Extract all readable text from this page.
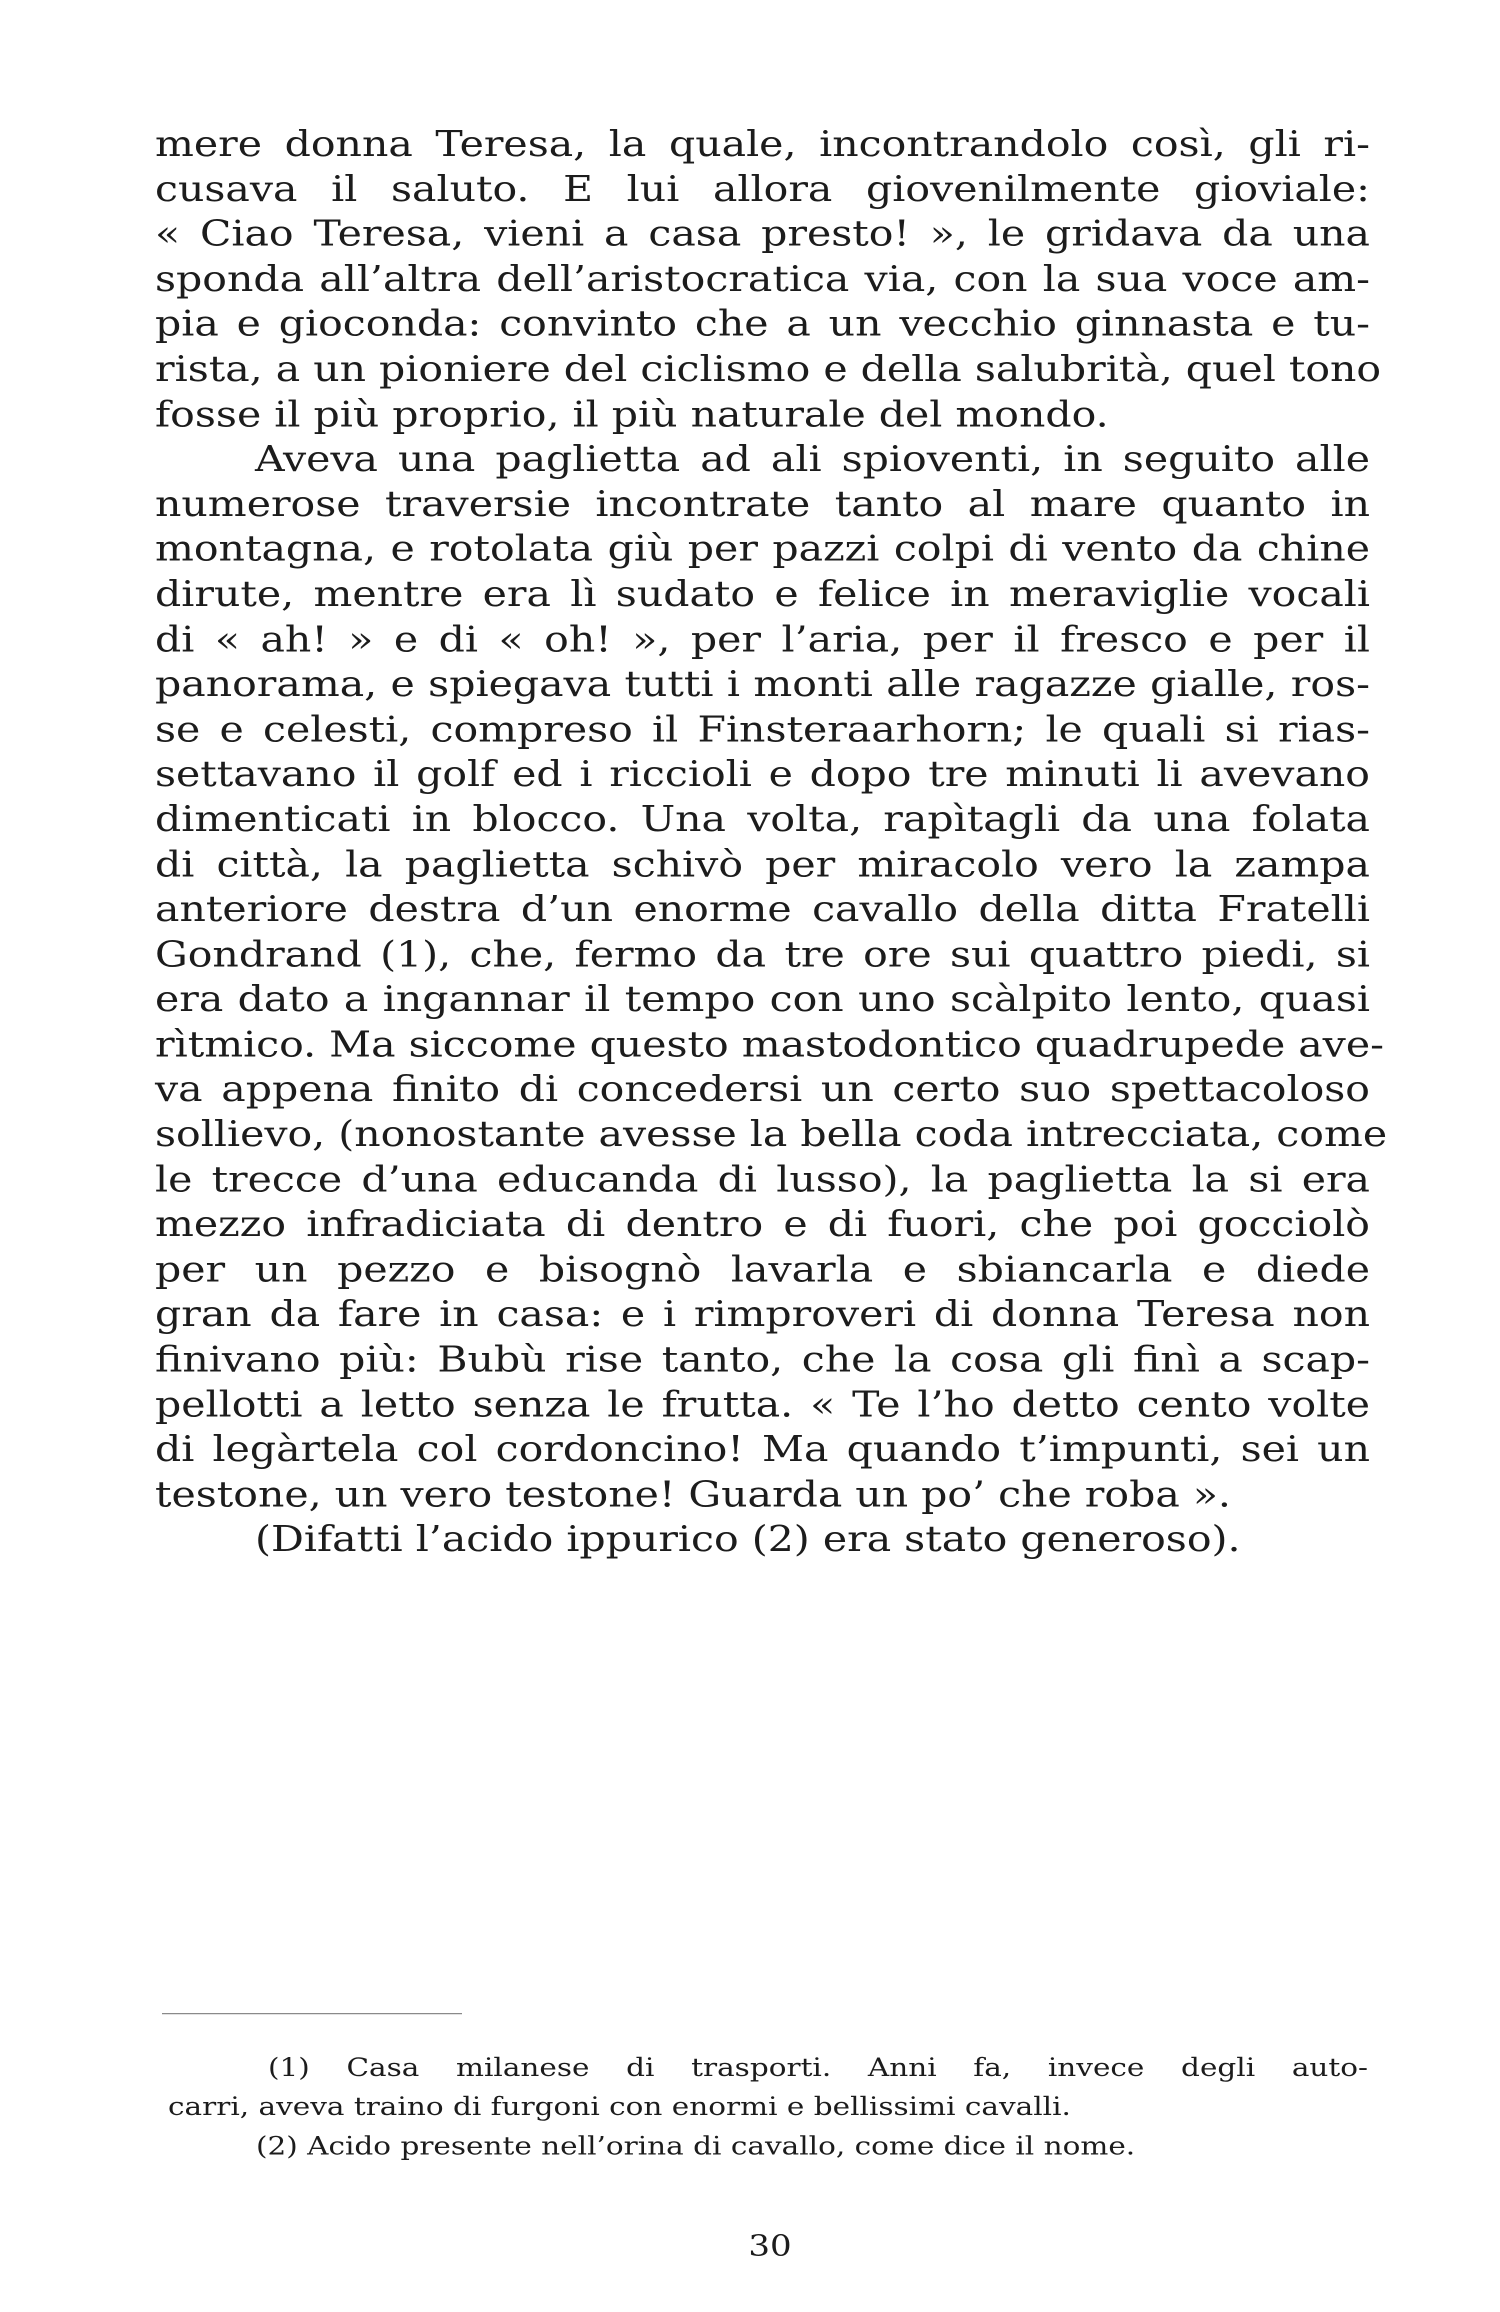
mere donna Teresa, la quale, incontrandolo così, gli ri-
cusava il saluto. E lui allora giovenilmente gioviale:
« Ciao Teresa, vieni a casa presto! », le gridava da una
sponda all’altra dell’aristocratica via, con la sua voce am-
pia e gioconda: convinto che a un vecchio ginnasta e tu-
rista, a un pioniere del ciclismo e della salubrità, quel tono
fosse il più proprio, il più naturale del mondo.
Aveva una paglietta ad ali spioventi, in seguito alle
numerose traversie incontrate tanto al mare quanto in
montagna, e rotolata giù per pazzi colpi di vento da chine
dirute, mentre era lì sudato e felice in meraviglie vocali
di « ah! » e di « oh! », per l’aria, per il fresco e per il
panorama, e spiegava tutti i monti alle ragazze gialle, ros-
se e celesti, compreso il Finsteraarhorn; le quali si rias-
settavano il golf ed i riccioli e dopo tre minuti li avevano
dimenticati in blocco. Una volta, rapìtagli da una folata
di città, la paglietta schivò per miracolo vero la zampa
anteriore destra d’un enorme cavallo della ditta Fratelli
Gondrand (1), che, fermo da tre ore sui quattro piedi, si
era dato a ingannar il tempo con uno scàlpito lento, quasi
rìtmico. Ma siccome questo mastodontico quadrupede ave-
va appena finito di concedersi un certo suo spettacoloso
sollievo, (nonostante avesse la bella coda intrecciata, come
le trecce d’una educanda di lusso), la paglietta la si era
mezzo infradiciata di dentro e di fuori, che poi gocciolò
per un pezzo e bisognò lavarla e sbiancarla e diede
gran da fare in casa: e i rimproveri di donna Teresa non
finivano più: Bubù rise tanto, che la cosa gli finì a scap-
pellotti a letto senza le frutta. « Te l’ho detto cento volte
di legàrtela col cordoncino! Ma quando t’impunti, sei un
testone, un vero testone! Guarda un po’ che roba ».
(Difatti l’acido ippurico (2) era stato generoso).
(1) Casa milanese di trasporti. Anni fa, invece degli auto-
carri, aveva traino di furgoni con enormi e bellissimi cavalli.
(2) Acido presente nell’orina di cavallo, come dice il nome.
30
